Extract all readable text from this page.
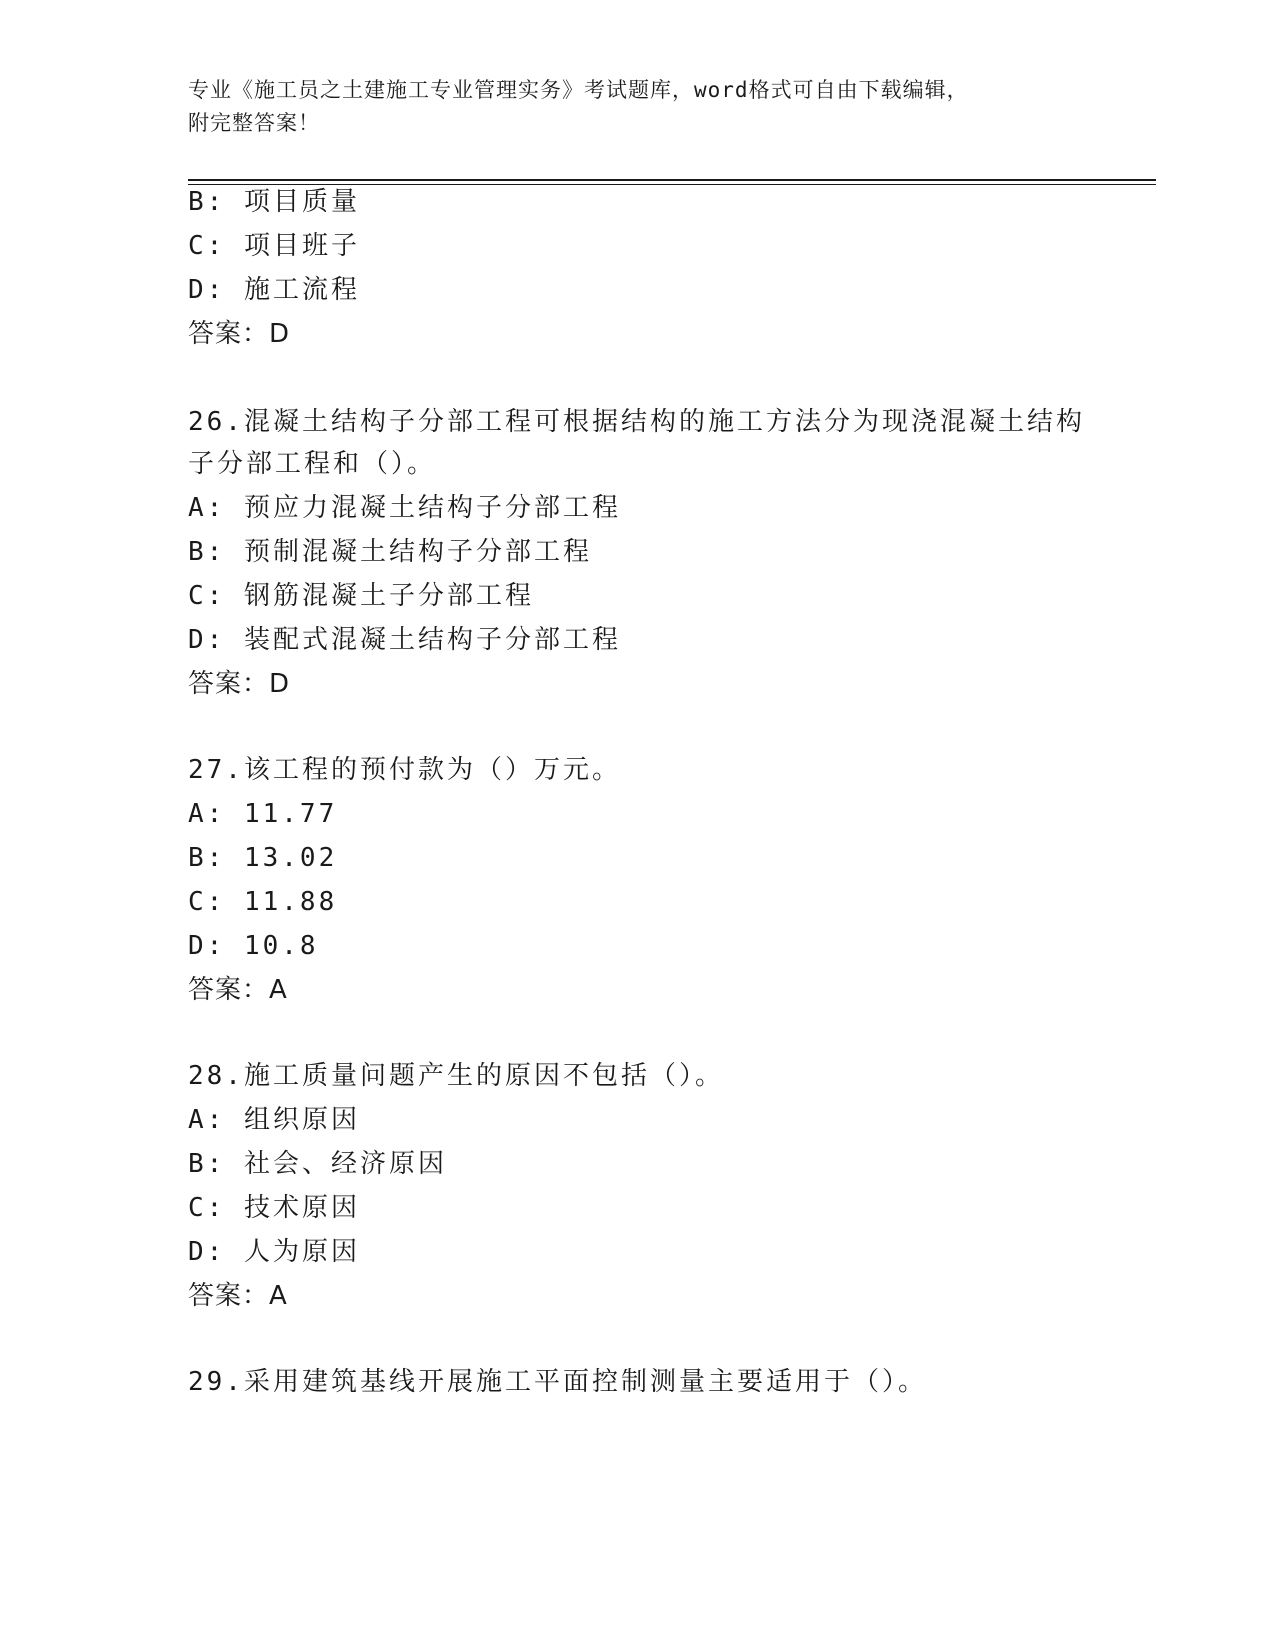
专业《施工员之土建施工专业管理实务》考试题库，word格式可自由下载编辑，
附完整答案！
B: 项目质量
C: 项目班子
D: 施工流程
答案：D
26.混凝土结构子分部工程可根据结构的施工方法分为现浇混凝土结构
子分部工程和（）。
A: 预应力混凝土结构子分部工程
B: 预制混凝土结构子分部工程
C: 钢筋混凝土子分部工程
D: 装配式混凝土结构子分部工程
答案：D
27.该工程的预付款为（）万元。
A: 11.77
B: 13.02
C: 11.88
D: 10.8
答案：A
28.施工质量问题产生的原因不包括（）。
A: 组织原因
B: 社会、经济原因
C: 技术原因
D: 人为原因
答案：A
29.采用建筑基线开展施工平面控制测量主要适用于（）。
